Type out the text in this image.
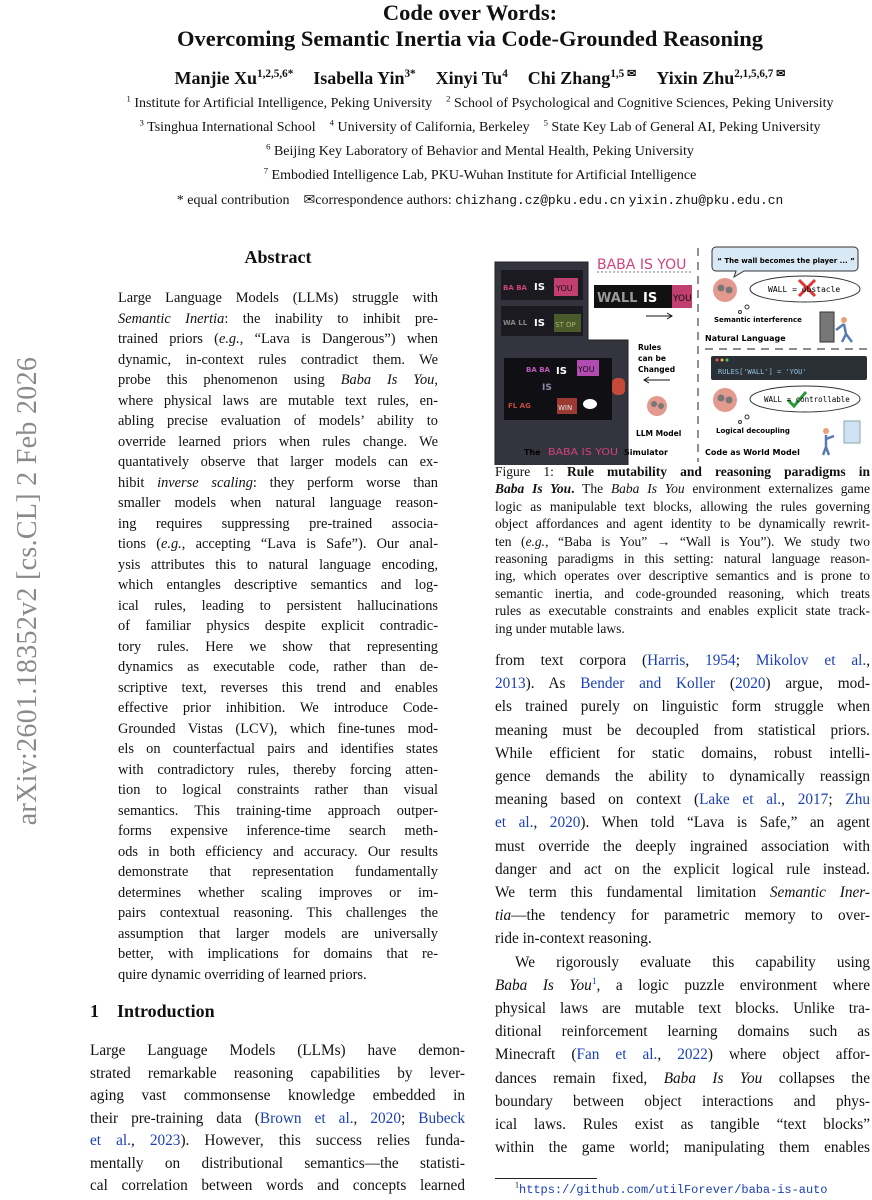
arXiv:2601.18352v2 [cs.CL] 2 Feb 2026
Code over Words:
Overcoming Semantic Inertia via Code-Grounded Reasoning
Manjie $Xu^{1,2,5,6*}$ Isabella Yin$^{3*}$ Xinyi Tu$^4$ Chi Zhang$^{1,5 ✉}$ Yixin Zhu$^{2,1,5,6,7 ✉}$
$^1$ Institute for Artificial Intelligence, Peking University $^2$ School of Psychological and Cognitive Sciences, Peking University
$^3$ Tsinghua International School $^4$ University of California, Berkeley $^5$ State Key Lab of General AI, Peking University
$^6$ Beijing Key Laboratory of Behavior and Mental Health, Peking University
$^7$ Embodied Intelligence Lab, PKU-Wuhan Institute for Artificial Intelligence
* equal contribution ✉correspondence authors: chizhang.cz@pku.edu.cn yixin.zhu@pku.edu.cn
Abstract
Large Language Models (LLMs) struggle with
Semantic Inertia: the inability to inhibit pre-
trained priors (e.g., “Lava is Dangerous”) when
dynamic, in-context rules contradict them. We
probe this phenomenon using Baba Is You,
where physical laws are mutable text rules, en-
abling precise evaluation of models’ ability to
override learned priors when rules change. We
quantatively observe that larger models can ex-
hibit inverse scaling: they perform worse than
smaller models when natural language reason-
ing requires suppressing pre-trained associa-
tions (e.g., accepting “Lava is Safe”). Our anal-
ysis attributes this to natural language encoding,
which entangles descriptive semantics and log-
ical rules, leading to persistent hallucinations
of familiar physics despite explicit contradic-
tory rules. Here we show that representing
dynamics as executable code, rather than de-
scriptive text, reverses this trend and enables
effective prior inhibition. We introduce Code-
Grounded Vistas (LCV), which fine-tunes mod-
els on counterfactual pairs and identifies states
with contradictory rules, thereby forcing atten-
tion to logical constraints rather than visual
semantics. This training-time approach outper-
forms expensive inference-time search meth-
ods in both efficiency and accuracy. Our results
demonstrate that representation fundamentally
determines whether scaling improves or im-
pairs contextual reasoning. This challenges the
assumption that larger models are universally
better, with implications for domains that re-
quire dynamic overriding of learned priors.
1 Introduction
Large Language Models (LLMs) have demon-
strated remarkable reasoning capabilities by lever-
aging vast commonsense knowledge embedded in
their pre-training data (Brown et al., 2020; Bubeck
et al., 2023). However, this success relies funda-
mentally on distributional semantics—the statisti-
cal correlation between words and concepts learned
from text corpora (Harris, 1954; Mikolov et al.,
2013). As Bender and Koller (2020) argue, mod-
els trained purely on linguistic form struggle when
meaning must be decoupled from statistical priors.
While efficient for static domains, robust intelli-
gence demands the ability to dynamically reassign
meaning based on context (Lake et al., 2017; Zhu
et al., 2020). When told “Lava is Safe,” an agent
must override the deeply ingrained association with
danger and act on the explicit logical rule instead.
We term this fundamental limitation Semantic Iner-
tia—the tendency for parametric memory to over-
ride in-context reasoning.
We rigorously evaluate this capability using
Baba Is You$^1$, a logic puzzle environment where
physical laws are mutable text blocks. Unlike tra-
ditional reinforcement learning domains such as
Minecraft (Fan et al., 2022) where object affor-
dances remain fixed, Baba Is You collapses the
boundary between object interactions and phys-
ical laws. Rules exist as tangible “text blocks”
within the game world; manipulating them enables
BA BA IS YOU
WA LL IS ST OP
BA BA IS YOU
IS
FL AG	WIN
BABA IS YOU
WALL IS YOU
Rules
can be
Changed
LLM Model
The BABA IS YOU Simulator
“ The wall becomes the player ... ”
WALL = obstacle
Semantic interference
Natural Language
RULES['WALL'] = 'YOU'
WALL = controllable
Logical decoupling
Code as World Model
Figure 1: Rule mutability and reasoning paradigms in
Baba Is You. The Baba Is You environment externalizes game
logic as manipulable text blocks, allowing the rules governing
object affordances and agent identity to be dynamically rewrit-
ten (e.g., “Baba is You” → “Wall is You”). We study two
reasoning paradigms in this setting: natural language reason-
ing, which operates over descriptive semantics and is prone to
semantic inertia, and code-grounded reasoning, which treats
rules as executable constraints and enables explicit state track-
ing under mutable laws.
$^1$https://github.com/utilForever/baba-is-auto
